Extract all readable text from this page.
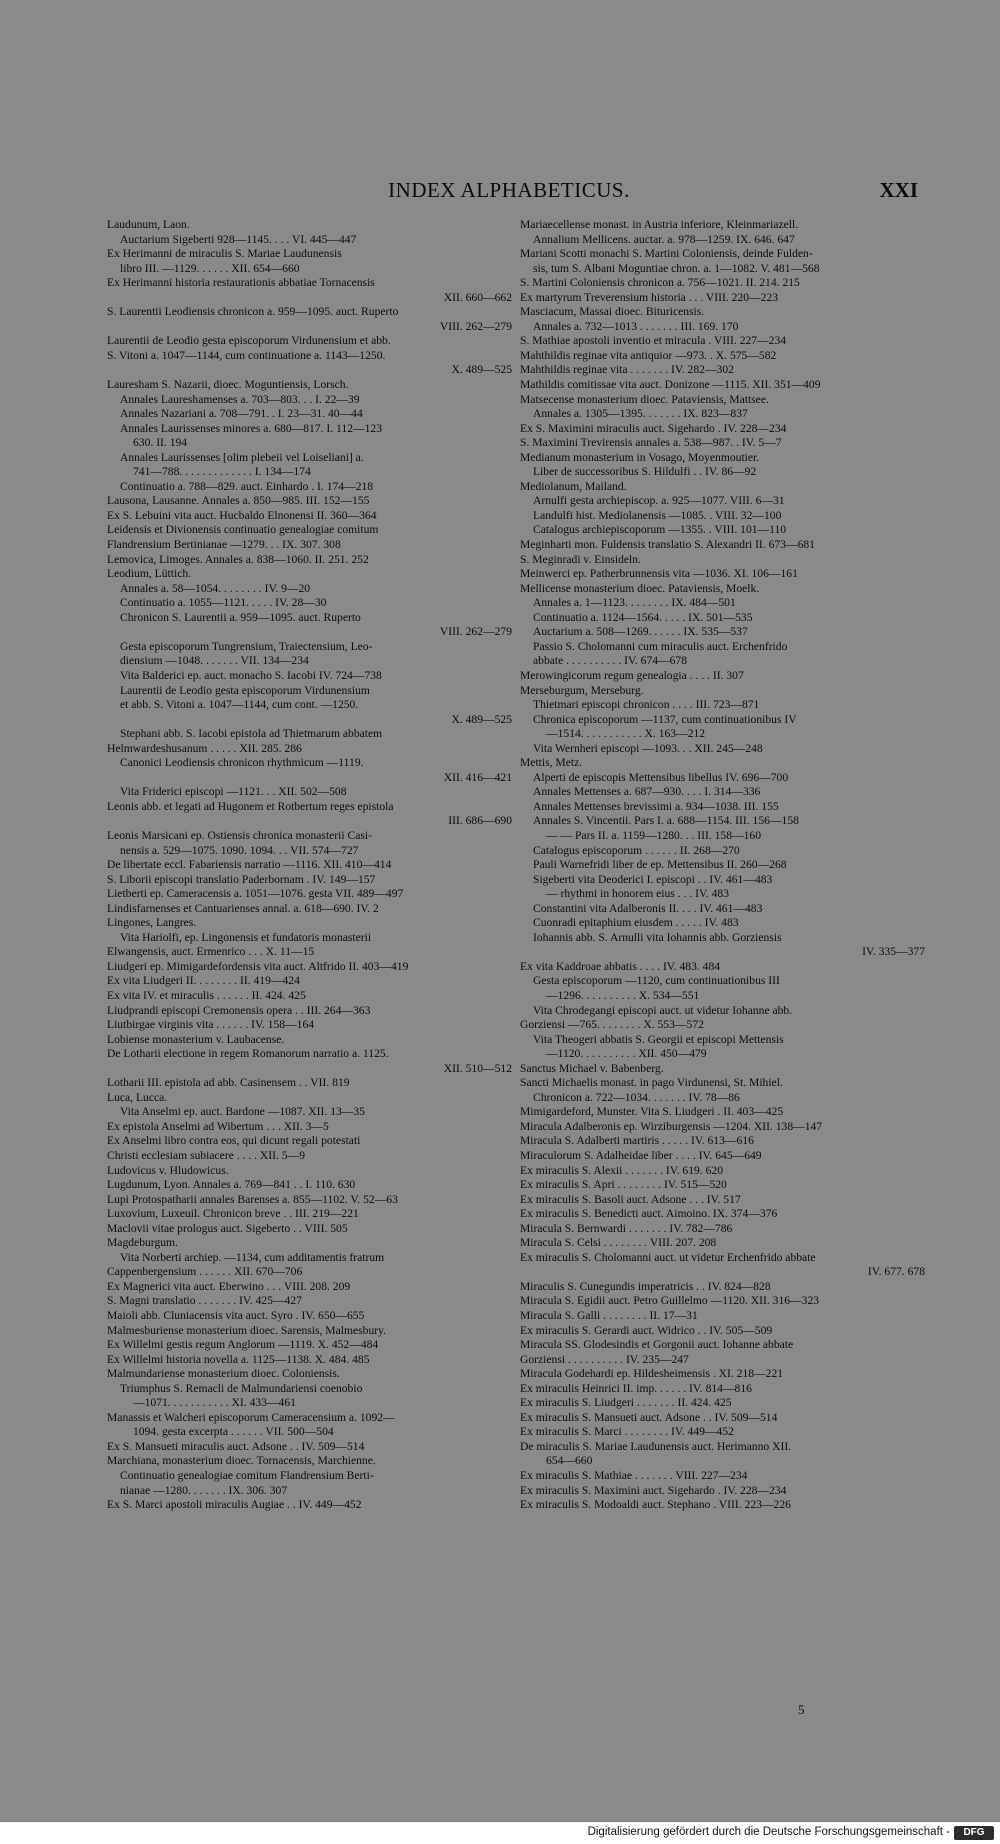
INDEX ALPHABETICUS.	XXI
Laudunum, Laon.
Auctarium Sigeberti 928—1145. . . . VI. 445—447
Ex Herimanni de miraculis S. Mariae Laudunensis
libro III. —1129. . . . . . XII. 654—660
Ex Herimanni historia restaurationis abbatiae Tornacensis
XII. 660—662
S. Laurentii Leodiensis chronicon a. 959—1095. auct. Ruperto
VIII. 262—279
Laurentii de Leodio gesta episcoporum Virdunensium et abb.
S. Vitoni a. 1047—1144, cum continuatione a. 1143—1250.
X. 489—525
Lauresham S. Nazarii, dioec. Moguntiensis, Lorsch.
Annales Laureshamenses a. 703—803. . . I. 22—39
Annales Nazariani a. 708—791. . I. 23—31. 40—44
Annales Laurissenses minores a. 680—817. I. 112—123
630. II. 194
Annales Laurissenses [olim plebeii vel Loiseliani] a.
741—788. . . . . . . . . . . . . I. 134—174
Continuatio a. 788—829. auct. Einhardo . I. 174—218
Lausona, Lausanne. Annales a. 850—985. III. 152—155
Ex S. Lebuini vita auct. Hucbaldo Elnonensi II. 360—364
Leidensis et Divionensis continuatio genealogiae comitum
Flandrensium Bertinianae —1279. . . IX. 307. 308
Lemovica, Limoges. Annales a. 838—1060. II. 251. 252
Leodium, Lüttich.
Annales a. 58—1054. . . . . . . . IV. 9—20
Continuatio a. 1055—1121. . . . . IV. 28—30
Chronicon S. Laurentii a. 959—1095. auct. Ruperto
VIII. 262—279
Gesta episcoporum Tungrensium, Traiectensium, Leo-
diensium —1048. . . . . . . VII. 134—234
Vita Balderici ep. auct. monacho S. Iacobi IV. 724—738
Laurentii de Leodio gesta episcoporum Virdunensium
et abb. S. Vitoni a. 1047—1144, cum cont. —1250.
X. 489—525
Stephani abb. S. Iacobi epistola ad Thietmarum abbatem
Helmwardeshusanum . . . . . XII. 285. 286
Canonici Leodiensis chronicon rhythmicum —1119.
XII. 416—421
Vita Friderici episcopi —1121. . . XII. 502—508
Leonis abb. et legati ad Hugonem et Rotbertum reges epistola
III. 686—690
Leonis Marsicani ep. Ostiensis chronica monasterii Casi-
nensis a. 529—1075. 1090. 1094. . . VII. 574—727
De libertate eccl. Fabariensis narratio —1116. XII. 410—414
S. Liborii episcopi translatio Paderbornam . IV. 149—157
Lietberti ep. Cameracensis a. 1051—1076. gesta VII. 489—497
Lindisfarnenses et Cantuarienses annal. a. 618—690. IV. 2
Lingones, Langres.
Vita Hariolfi, ep. Lingonensis et fundatoris monasterii
Elwangensis, auct. Ermenrico . . . X. 11—15
Liudgeri ep. Mimigardefordensis vita auct. Altfrido II. 403—419
Ex vita Liudgeri II. . . . . . . . II. 419—424
Ex vita IV. et miraculis . . . . . . II. 424. 425
Liudprandi episcopi Cremonensis opera . . III. 264—363
Liutbirgae virginis vita . . . . . . IV. 158—164
Lobiense monasterium v. Laubacense.
De Lotharii electione in regem Romanorum narratio a. 1125.
XII. 510—512
Lotharii III. epistola ad abb. Casinensem . . VII. 819
Luca, Lucca.
Vita Anselmi ep. auct. Bardone —1087. XII. 13—35
Ex epistola Anselmi ad Wibertum . . . XII. 3—5
Ex Anselmi libro contra eos, qui dicunt regali potestati
Christi ecclesiam subiacere . . . . XII. 5—9
Ludovicus v. Hludowicus.
Lugdunum, Lyon. Annales a. 769—841 . . I. 110. 630
Lupi Protospatharii annales Barenses a. 855—1102. V. 52—63
Luxovium, Luxeuil. Chronicon breve . . III. 219—221
Maclovii vitae prologus auct. Sigeberto . . VIII. 505
Magdeburgum.
Vita Norberti archiep. —1134, cum additamentis fratrum
Cappenbergensium . . . . . . XII. 670—706
Ex Magnerici vita auct. Eberwino . . . VIII. 208. 209
S. Magni translatio . . . . . . . IV. 425—427
Maioli abb. Cluniacensis vita auct. Syro . IV. 650—655
Malmesburiense monasterium dioec. Sarensis, Malmesbury.
Ex Willelmi gestis regum Anglorum —1119. X. 452—484
Ex Willelmi historia novella a. 1125—1138. X. 484. 485
Malmundariense monasterium dioec. Coloniensis.
Triumphus S. Remacli de Malmundariensi coenobio
—1071. . . . . . . . . . . XI. 433—461
Manassis et Walcheri episcoporum Cameracensium a. 1092—
1094. gesta excerpta . . . . . . VII. 500—504
Ex S. Mansueti miraculis auct. Adsone . . IV. 509—514
Marchiana, monasterium dioec. Tornacensis, Marchienne.
Continuatio genealogiae comitum Flandrensium Berti-
nianae —1280. . . . . . . IX. 306. 307
Ex S. Marci apostoli miraculis Augiae . . IV. 449—452
Mariaecellense monast. in Austria inferiore, Kleinmariazell.
Annalium Mellicens. auctar. a. 978—1259. IX. 646. 647
Mariani Scotti monachi S. Martini Coloniensis, deinde Fulden-
sis, tum S. Albani Moguntiae chron. a. 1—1082. V. 481—568
S. Martini Coloniensis chronicon a. 756—1021. II. 214. 215
Ex martyrum Treverensium historia . . . VIII. 220—223
Masciacum, Massai dioec. Bituricensis.
Annales a. 732—1013 . . . . . . . III. 169. 170
S. Mathiae apostoli inventio et miracula . VIII. 227—234
Mahthildis reginae vita antiquior —973. . X. 575—582
Mahthildis reginae vita . . . . . . . IV. 282—302
Mathildis comitissae vita auct. Donizone —1115. XII. 351—409
Matsecense monasterium dioec. Pataviensis, Mattsee.
Annales a. 1305—1395. . . . . . . IX. 823—837
Ex S. Maximini miraculis auct. Sigehardo . IV. 228—234
S. Maximini Trevirensis annales a. 538—987. . IV. 5—7
Medianum monasterium in Vosago, Moyenmoutier.
Liber de successoribus S. Hildulfi . . IV. 86—92
Mediolanum, Mailand.
Arnulfi gesta archiepiscop. a. 925—1077. VIII. 6—31
Landulfi hist. Mediolanensis —1085. . VIII. 32—100
Catalogus archiepiscoporum —1355. . VIII. 101—110
Meginharti mon. Fuldensis translatio S. Alexandri II. 673—681
S. Meginradi v. Einsideln.
Meinwerci ep. Patherbrunnensis vita —1036. XI. 106—161
Mellicense monasterium dioec. Pataviensis, Moelk.
Annales a. 1—1123. . . . . . . . IX. 484—501
Continuatio a. 1124—1564. . . . . IX. 501—535
Auctarium a. 508—1269. . . . . . IX. 535—537
Passio S. Cholomanni cum miraculis auct. Erchenfrido
abbate . . . . . . . . . . IV. 674—678
Merowingicorum regum genealogia . . . . II. 307
Merseburgum, Merseburg.
Thietmari episcopi chronicon . . . . III. 723—871
Chronica episcoporum —1137, cum continuationibus IV
—1514. . . . . . . . . . . X. 163—212
Vita Wernheri episcopi —1093. . . XII. 245—248
Mettis, Metz.
Alperti de episcopis Mettensibus libellus IV. 696—700
Annales Mettenses a. 687—930. . . . I. 314—336
Annales Mettenses brevissimi a. 934—1038. III. 155
Annales S. Vincentii. Pars I. a. 688—1154. III. 156—158
— — Pars II. a. 1159—1280. . . III. 158—160
Catalogus episcoporum . . . . . . II. 268—270
Pauli Warnefridi liber de ep. Mettensibus II. 260—268
Sigeberti vita Deoderici I. episcopi . . IV. 461—483
— rhythmi in honorem eius . . . IV. 483
Constantini vita Adalberonis II. . . . IV. 461—483
Cuonradi epitaphium eiusdem . . . . . IV. 483
Iohannis abb. S. Arnulli vita Iohannis abb. Gorziensis
IV. 335—377
Ex vita Kaddroae abbatis . . . . IV. 483. 484
Gesta episcoporum —1120, cum continuationibus III
—1296. . . . . . . . . . X. 534—551
Vita Chrodegangi episcopi auct. ut videtur Iohanne abb.
Gorziensi —765. . . . . . . . X. 553—572
Vita Theogeri abbatis S. Georgii et episcopi Mettensis
—1120. . . . . . . . . . XII. 450—479
Sanctus Michael v. Babenberg.
Sancti Michaelis monast. in pago Virdunensi, St. Mihiel.
Chronicon a. 722—1034. . . . . . . IV. 78—86
Mimigardeford, Munster. Vita S. Liudgeri . II. 403—425
Miracula Adalberonis ep. Wirziburgensis —1204. XII. 138—147
Miracula S. Adalberti martiris . . . . . IV. 613—616
Miraculorum S. Adalheidae liber . . . . IV. 645—649
Ex miraculis S. Alexii . . . . . . . IV. 619. 620
Ex miraculis S. Apri . . . . . . . . IV. 515—520
Ex miraculis S. Basoli auct. Adsone . . . IV. 517
Ex miraculis S. Benedicti auct. Aimoino. IX. 374—376
Miracula S. Bernwardi . . . . . . . IV. 782—786
Miracula S. Celsi . . . . . . . . VIII. 207. 208
Ex miraculis S. Cholomanni auct. ut videtur Erchenfrido abbate
IV. 677. 678
Miraculis S. Cunegundis imperatricis . . IV. 824—828
Miracula S. Egidii auct. Petro Guillelmo —1120. XII. 316—323
Miracula S. Galli . . . . . . . . II. 17—31
Ex miraculis S. Gerardi auct. Widrico . . IV. 505—509
Miracula SS. Glodesindis et Gorgonii auct. Iohanne abbate
Gorziensi . . . . . . . . . . IV. 235—247
Miracula Godehardi ep. Hildesheimensis . XI. 218—221
Ex miraculis Heinrici II. imp. . . . . . IV. 814—816
Ex miraculis S. Liudgeri . . . . . . . II. 424. 425
Ex miraculis S. Mansueti auct. Adsone . . IV. 509—514
Ex miraculis S. Marci . . . . . . . . IV. 449—452
De miraculis S. Mariae Laudunensis auct. Herimanno XII.
654—660
Ex miraculis S. Mathiae . . . . . . . VIII. 227—234
Ex miraculis S. Maximini auct. Sigehardo . IV. 228—234
Ex miraculis S. Modoaldi auct. Stephano . VIII. 223—226
5
Digitalisierung gefördert durch die Deutsche Forschungsgemeinschaft -	DFG
